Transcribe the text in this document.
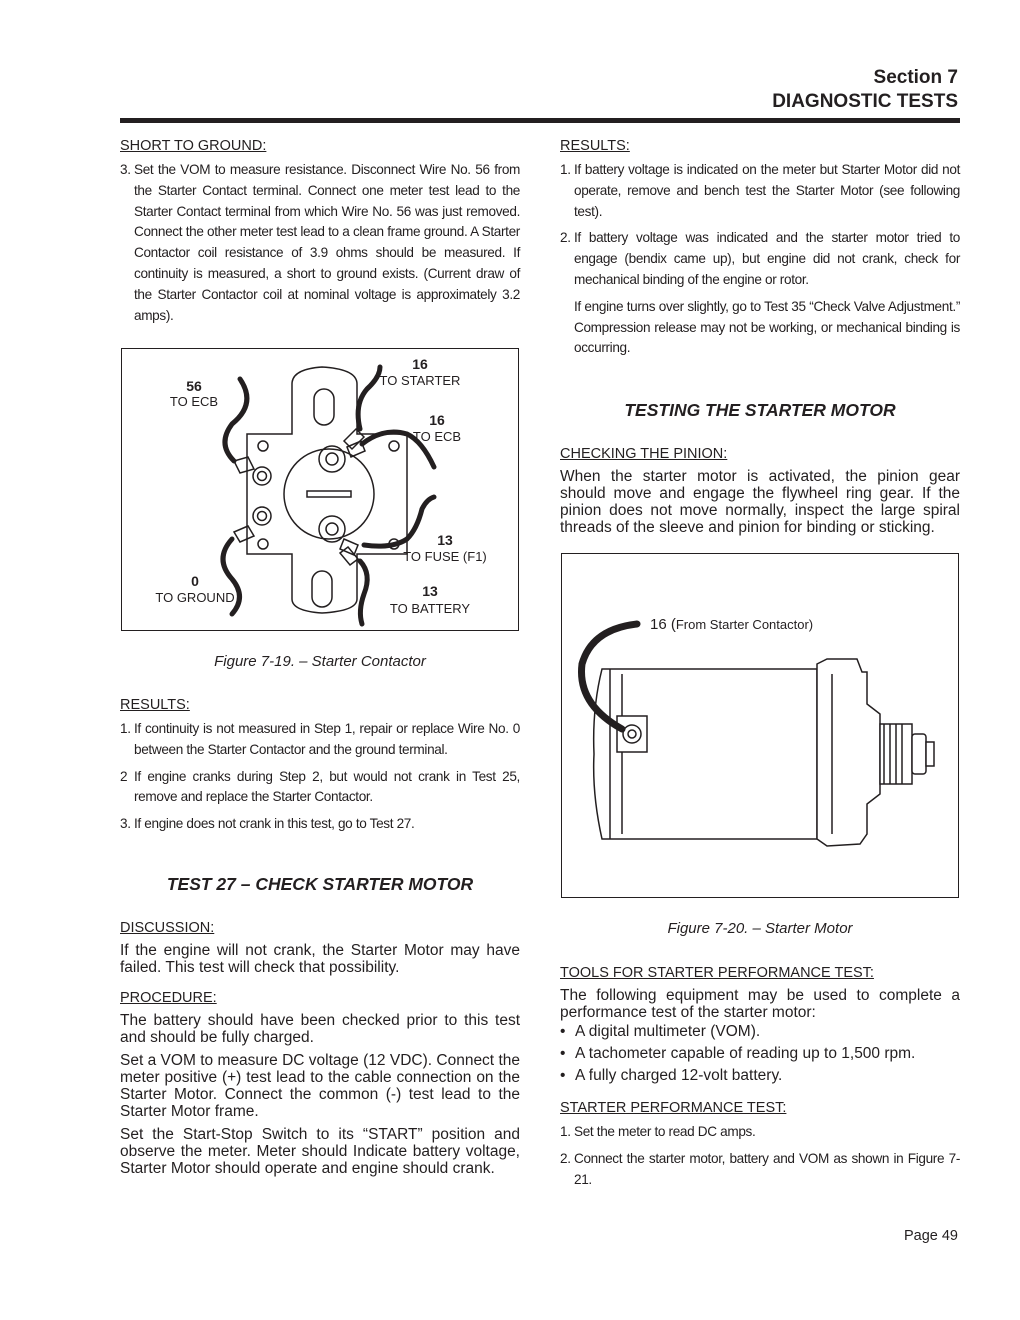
Section 7
DIAGNOSTIC TESTS
SHORT TO GROUND:
3. Set the VOM to measure resistance. Disconnect Wire No. 56 from the Starter Contact terminal. Connect one meter test lead to the Starter Contact terminal from which Wire No. 56 was just removed. Connect the other meter test lead to a clean frame ground. A Starter Contactor coil resistance of 3.9 ohms should be measured. If continuity is measured, a short to ground exists. (Current draw of the Starter Contactor coil at nominal voltage is approximately 3.2 amps).
56
TO ECB
16
TO STARTER
16
TO ECB
13
TO FUSE (F1)
0
TO GROUND	13
TO BATTERY
Figure 7-19. – Starter Contactor
RESULTS:
1. If continuity is not measured in Step 1, repair or replace Wire No. 0 between the Starter Contactor and the ground terminal.
2 If engine cranks during Step 2, but would not crank in Test 25, remove and replace the Starter Contactor.
3. If engine does not crank in this test, go to Test 27.
TEST 27 – CHECK STARTER MOTOR
DISCUSSION:

If the engine will not crank, the Starter Motor may have failed. This test will check that possibility.

PROCEDURE:

The battery should have been checked prior to this test and should be fully charged.

Set a VOM to measure DC voltage (12 VDC). Connect the meter positive (+) test lead to the cable connection on the Starter Motor. Connect the common (-) test lead to the Starter Motor frame.

Set the Start-Stop Switch to its “START” position and observe the meter. Meter should Indicate battery voltage, Starter Motor should operate and engine should crank.

RESULTS:
1. If battery voltage is indicated on the meter but Starter Motor did not operate, remove and bench test the Starter Motor (see following test).
2. If battery voltage was indicated and the starter motor tried to engage (bendix came up), but engine did not crank, check for mechanical binding of the engine or rotor.
If engine turns over slightly, go to Test 35 “Check Valve Adjustment.” Compression release may not be working, or mechanical binding is occurring.
TESTING THE STARTER MOTOR
CHECKING THE PINION:

When the starter motor is activated, the pinion gear should move and engage the flywheel ring gear. If the pinion does not move normally, inspect the large spiral threads of the sleeve and pinion for binding or sticking.

16 (From Starter Contactor)
Figure 7-20. – Starter Motor
TOOLS FOR STARTER PERFORMANCE TEST:

The following equipment may be used to complete a performance test of the starter motor:

• A digital multimeter (VOM).
• A tachometer capable of reading up to 1,500 rpm.
• A fully charged 12-volt battery.
STARTER PERFORMANCE TEST:
1. Set the meter to read DC amps.
2. Connect the starter motor, battery and VOM as shown in Figure 7-21.
Page 49
